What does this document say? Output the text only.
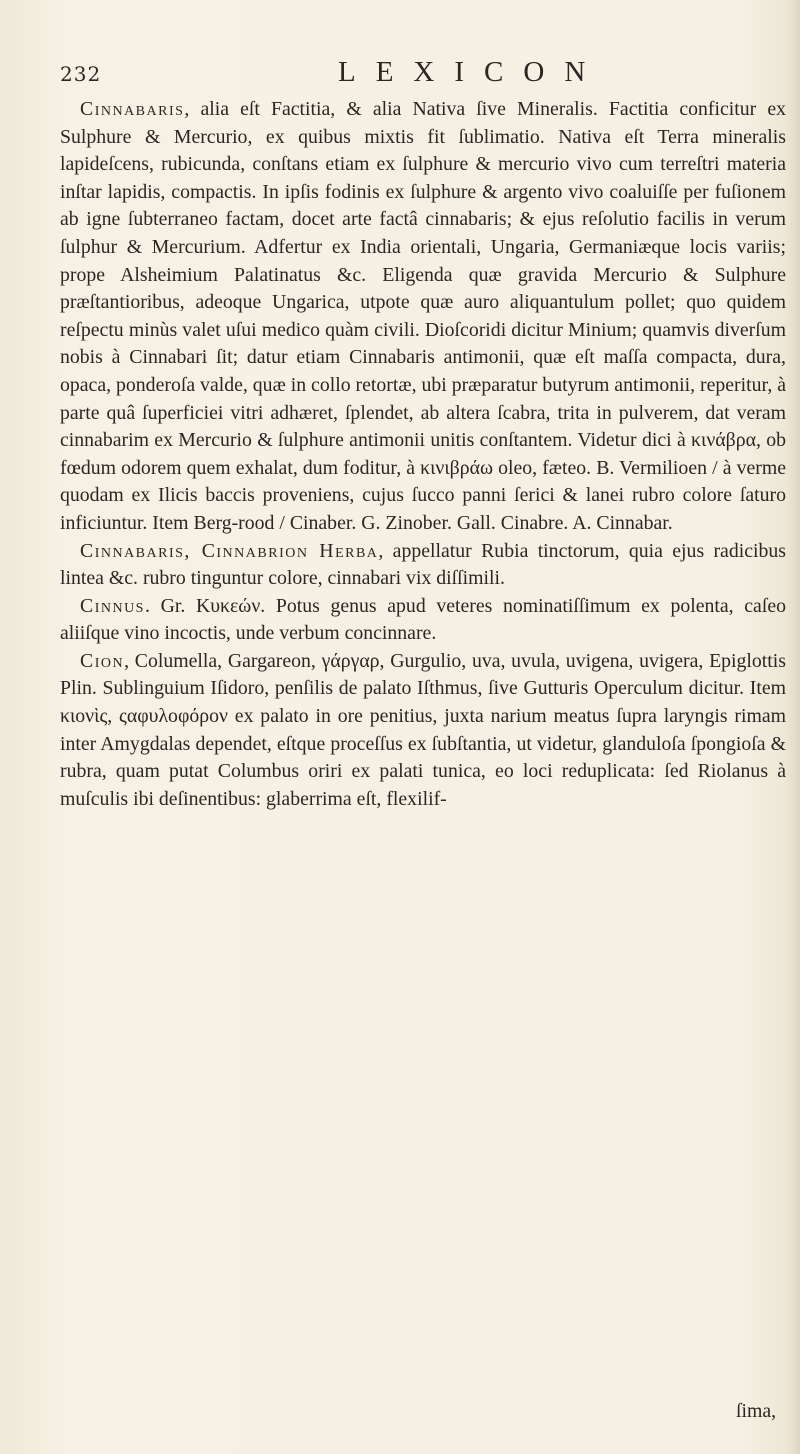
232	LEXICON

Cinnabaris, alia eſt Factitia, & alia Nativa ſive Mineralis. Factitia conficitur ex Sulphure & Mercurio, ex quibus mixtis fit ſublimatio. Nativa eſt Terra mineralis lapideſcens, rubicunda, conſtans etiam ex ſulphure & mercurio vivo cum terreſtri materia inſtar lapidis, compactis. In ipſis fodinis ex ſulphure & argento vivo coaluiſſe per fuſionem ab igne ſubterraneo factam, docet arte factâ cinnabaris; & ejus reſolutio facilis in verum ſulphur & Mercurium. Adfertur ex India orientali, Ungaria, Germaniæque locis variis; prope Alsheimium Palatinatus &c. Eligenda quæ gravida Mercurio & Sulphure præſtantioribus, adeoque Ungarica, utpote quæ auro aliquantulum pollet; quo quidem reſpectu minùs valet uſui medico quàm civili. Dioſcoridi dicitur Minium; quamvis diverſum nobis à Cinnabari ſit; datur etiam Cinnabaris antimonii, quæ eſt maſſa compacta, dura, opaca, ponderoſa valde, quæ in collo retortæ, ubi præparatur butyrum antimonii, reperitur, à parte quâ ſuperficiei vitri adhæret, ſplendet, ab altera ſcabra, trita in pulverem, dat veram cinnabarim ex Mercurio & ſulphure antimonii unitis conſtantem. Videtur dici à κινάβρα, ob fœdum odorem quem exhalat, dum foditur, à κινιβράω oleo, fæteo. B. Vermilioen / à verme quodam ex Ilicis baccis proveniens, cujus ſucco panni ſerici & lanei rubro colore ſaturo inficiuntur. Item Berg-rood / Cinaber. G. Zinober. Gall. Cinabre. A. Cinnabar.

Cinnabaris, Cinnabrion Herba, appellatur Rubia tinctorum, quia ejus radicibus lintea &c. rubro tinguntur colore, cinnabari vix diſſimili.

Cinnus. Gr. Κυκεών. Potus genus apud veteres nominatiſſimum ex polenta, caſeo aliiſque vino incoctis, unde verbum concinnare.

Cion, Columella, Gargareon, γάργαρ, Gurgulio, uva, uvula, uvigena, uvigera, Epiglottis Plin. Sublinguium Iſidoro, penſilis de palato Iſthmus, ſive Gutturis Operculum dicitur. Item κιονὶς, ςαφυλοφόρον ex palato in ore penitius, juxta narium meatus ſupra laryngis rimam inter Amygdalas dependet, eſtque proceſſus ex ſubſtantia, ut videtur, glanduloſa ſpongioſa & rubra, quam putat Columbus oriri ex palati tunica, eo loci reduplicata: ſed Riolanus à muſculis ibi deſinentibus: glaberrima eſt, flexilif-

ſima,
